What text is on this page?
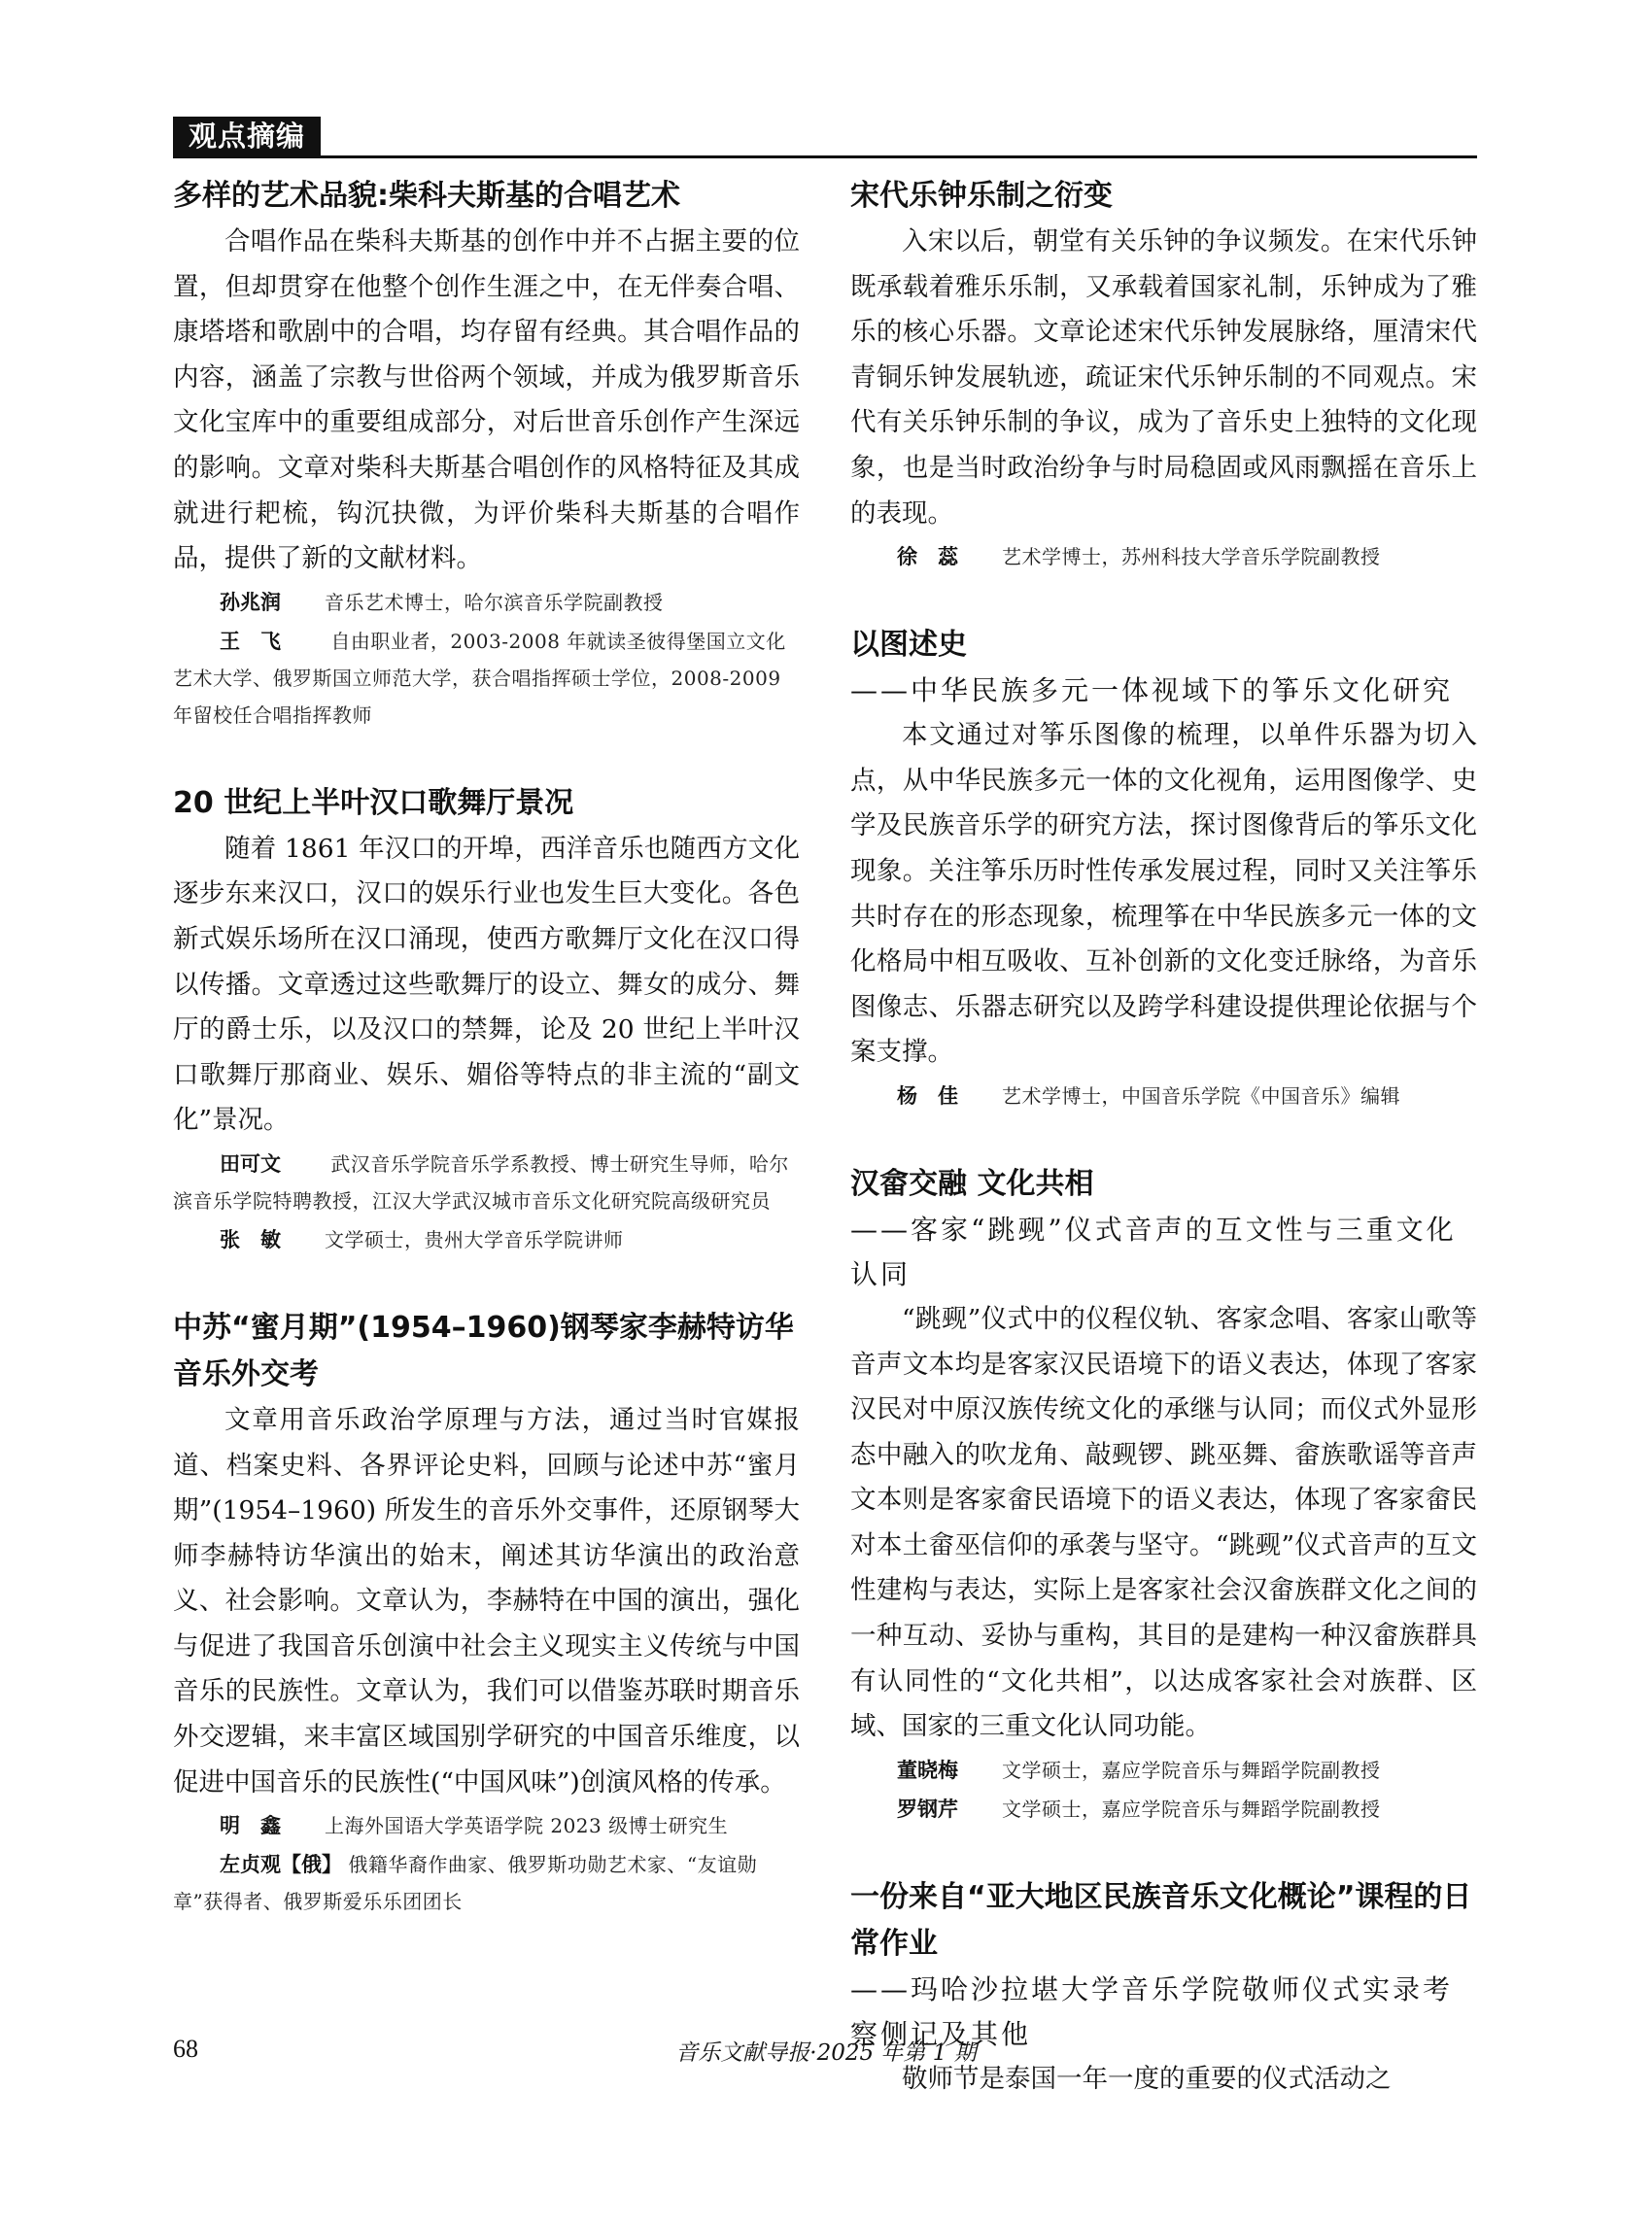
观点摘编
多样的艺术品貌:柴科夫斯基的合唱艺术

合唱作品在柴科夫斯基的创作中并不占据主要的位置，但却贯穿在他整个创作生涯之中，在无伴奏合唱、康塔塔和歌剧中的合唱，均存留有经典。其合唱作品的内容，涵盖了宗教与世俗两个领域，并成为俄罗斯音乐文化宝库中的重要组成部分，对后世音乐创作产生深远的影响。文章对柴科夫斯基合唱创作的风格特征及其成就进行耙梳，钩沉抉微，为评价柴科夫斯基的合唱作品，提供了新的文献材料。

孙兆润	音乐艺术博士，哈尔滨音乐学院副教授
王　飞	自由职业者，2003-2008 年就读圣彼得堡国立文化艺术大学、俄罗斯国立师范大学，获合唱指挥硕士学位，2008-2009 年留校任合唱指挥教师
20 世纪上半叶汉口歌舞厅景况

随着 1861 年汉口的开埠，西洋音乐也随西方文化逐步东来汉口，汉口的娱乐行业也发生巨大变化。各色新式娱乐场所在汉口涌现，使西方歌舞厅文化在汉口得以传播。文章透过这些歌舞厅的设立、舞女的成分、舞厅的爵士乐，以及汉口的禁舞，论及 20 世纪上半叶汉口歌舞厅那商业、娱乐、媚俗等特点的非主流的“副文化”景况。

田可文	武汉音乐学院音乐学系教授、博士研究生导师，哈尔滨音乐学院特聘教授，江汉大学武汉城市音乐文化研究院高级研究员
张　敏	文学硕士，贵州大学音乐学院讲师
中苏“蜜月期”(1954–1960)钢琴家李赫特访华音乐外交考

文章用音乐政治学原理与方法，通过当时官媒报道、档案史料、各界评论史料，回顾与论述中苏“蜜月期”(1954–1960) 所发生的音乐外交事件，还原钢琴大师李赫特访华演出的始末，阐述其访华演出的政治意义、社会影响。文章认为，李赫特在中国的演出，强化与促进了我国音乐创演中社会主义现实主义传统与中国音乐的民族性。文章认为，我们可以借鉴苏联时期音乐外交逻辑，来丰富区域国别学研究的中国音乐维度，以促进中国音乐的民族性(“中国风味”)创演风格的传承。

明　鑫	上海外国语大学英语学院 2023 级博士研究生
左贞观【俄】 俄籍华裔作曲家、俄罗斯功勋艺术家、“友谊勋章”获得者、俄罗斯爱乐乐团团长
宋代乐钟乐制之衍变

入宋以后，朝堂有关乐钟的争议频发。在宋代乐钟既承载着雅乐乐制，又承载着国家礼制，乐钟成为了雅乐的核心乐器。文章论述宋代乐钟发展脉络，厘清宋代青铜乐钟发展轨迹，疏证宋代乐钟乐制的不同观点。宋代有关乐钟乐制的争议，成为了音乐史上独特的文化现象，也是当时政治纷争与时局稳固或风雨飘摇在音乐上的表现。

徐　蕊	艺术学博士，苏州科技大学音乐学院副教授
以图述史

——中华民族多元一体视域下的筝乐文化研究

本文通过对筝乐图像的梳理，以单件乐器为切入点，从中华民族多元一体的文化视角，运用图像学、史学及民族音乐学的研究方法，探讨图像背后的筝乐文化现象。关注筝乐历时性传承发展过程，同时又关注筝乐共时存在的形态现象，梳理筝在中华民族多元一体的文化格局中相互吸收、互补创新的文化变迁脉络，为音乐图像志、乐器志研究以及跨学科建设提供理论依据与个案支撑。

杨　佳	艺术学博士，中国音乐学院《中国音乐》编辑
汉畲交融 文化共相

——客家“跳觋”仪式音声的互文性与三重文化认同

“跳觋”仪式中的仪程仪轨、客家念唱、客家山歌等音声文本均是客家汉民语境下的语义表达，体现了客家汉民对中原汉族传统文化的承继与认同；而仪式外显形态中融入的吹龙角、敲觋锣、跳巫舞、畲族歌谣等音声文本则是客家畲民语境下的语义表达，体现了客家畲民对本土畲巫信仰的承袭与坚守。“跳觋”仪式音声的互文性建构与表达，实际上是客家社会汉畲族群文化之间的一种互动、妥协与重构，其目的是建构一种汉畲族群具有认同性的“文化共相”，以达成客家社会对族群、区域、国家的三重文化认同功能。

董晓梅	文学硕士，嘉应学院音乐与舞蹈学院副教授
罗钢芹	文学硕士，嘉应学院音乐与舞蹈学院副教授
一份来自“亚大地区民族音乐文化概论”课程的日常作业

——玛哈沙拉堪大学音乐学院敬师仪式实录考察侧记及其他

敬师节是泰国一年一度的重要的仪式活动之

68	音乐文献导报·2025 年第 1 期
